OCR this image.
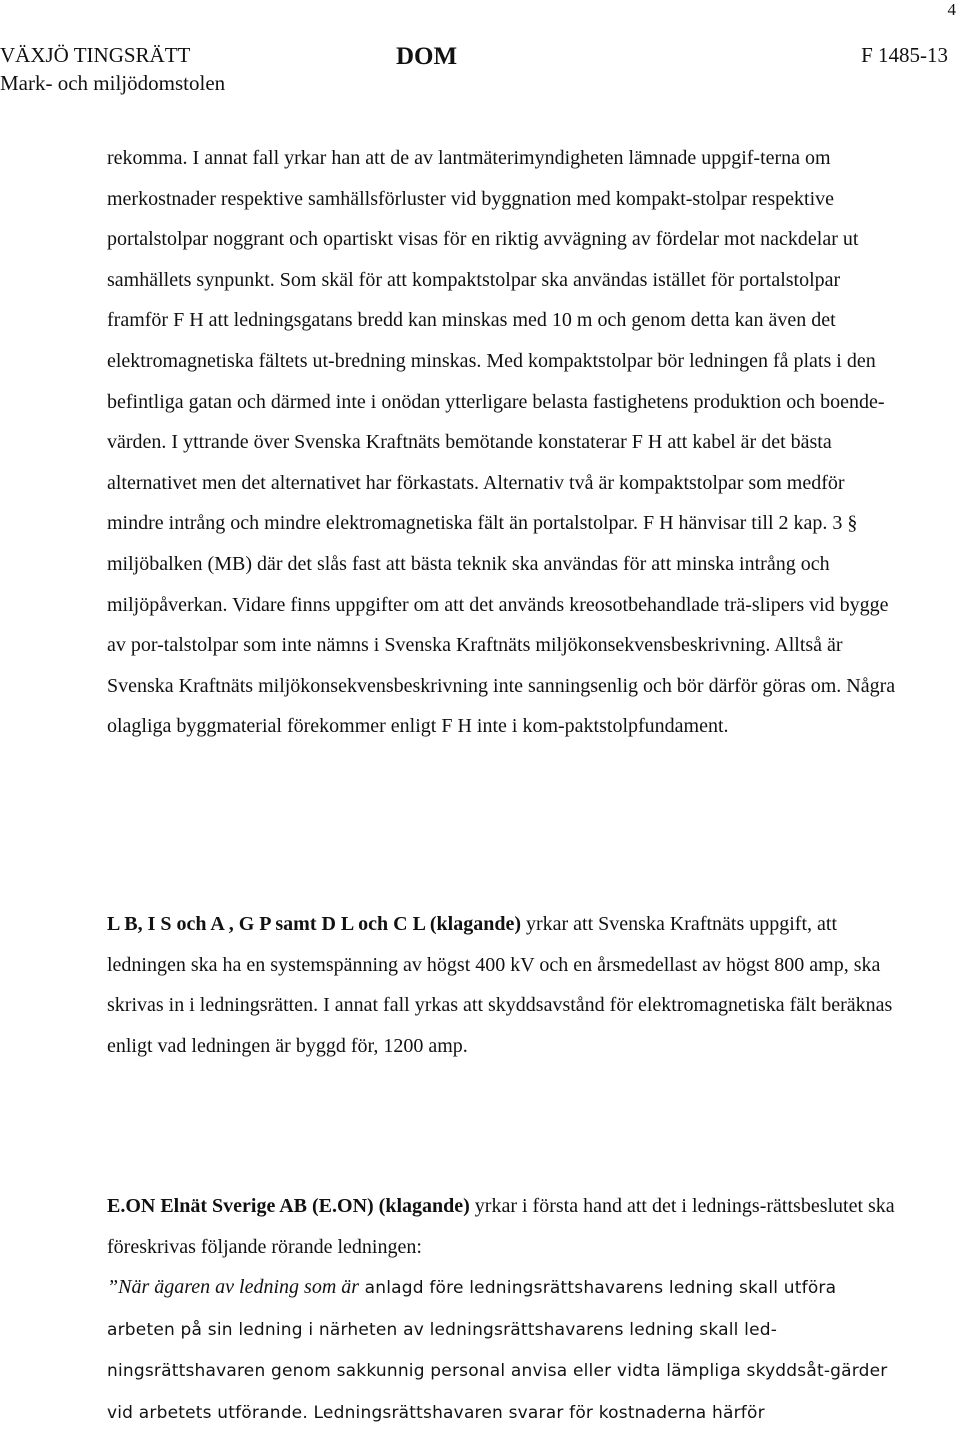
4
VÄXJÖ TINGSRÄTT
Mark- och miljödomstolen
DOM	F 1485-13

rekomma. I annat fall yrkar han att de av lantmäterimyndigheten lämnade uppgif-terna om merkostnader respektive samhällsförluster vid byggnation med kompakt-stolpar respektive portalstolpar noggrant och opartiskt visas för en riktig avvägning av fördelar mot nackdelar ut samhällets synpunkt. Som skäl för att kompaktstolpar ska användas istället för portalstolpar framför F H att ledningsgatans bredd kan minskas med 10 m och genom detta kan även det elektromagnetiska fältets ut-bredning minskas. Med kompaktstolpar bör ledningen få plats i den befintliga gatan och därmed inte i onödan ytterligare belasta fastighetens produktion och boende-värden. I yttrande över Svenska Kraftnäts bemötande konstaterar F H att kabel är det bästa alternativet men det alternativet har förkastats. Alternativ två är kompaktstolpar som medför mindre intrång och mindre elektromagnetiska fält än portalstolpar. F H hänvisar till 2 kap. 3 § miljöbalken (MB) där det slås fast att bästa teknik ska användas för att minska intrång och miljöpåverkan. Vidare finns uppgifter om att det används kreosotbehandlade trä-slipers vid bygge av por-talstolpar som inte nämns i Svenska Kraftnäts miljökonsekvensbeskrivning. Alltså är Svenska Kraftnäts miljökonsekvensbeskrivning inte sanningsenlig och bör därför göras om. Några olagliga byggmaterial förekommer enligt F H inte i kom-paktstolpfundament.

L B, I S och A , G P samt D L och C L (klagande) yrkar att Svenska Kraftnäts uppgift, att ledningen ska ha en systemspänning av högst 400 kV och en årsmedellast av högst 800 amp, ska skrivas in i ledningsrätten. I annat fall yrkas att skyddsavstånd för elektromagnetiska fält beräknas enligt vad ledningen är byggd för, 1200 amp.

E.ON Elnät Sverige AB (E.ON) (klagande) yrkar i första hand att det i lednings-rättsbeslutet ska föreskrivas följande rörande ledningen:
”När ägaren av ledning som är anlagd före ledningsrättshavarens ledning skall utföra arbeten på sin ledning i närheten av ledningsrättshavarens ledning skall led-ningsrättshavaren genom sakkunnig personal anvisa eller vidta lämpliga skyddsåt-gärder vid arbetets utförande. Ledningsrättshavaren svarar för kostnaderna härför
